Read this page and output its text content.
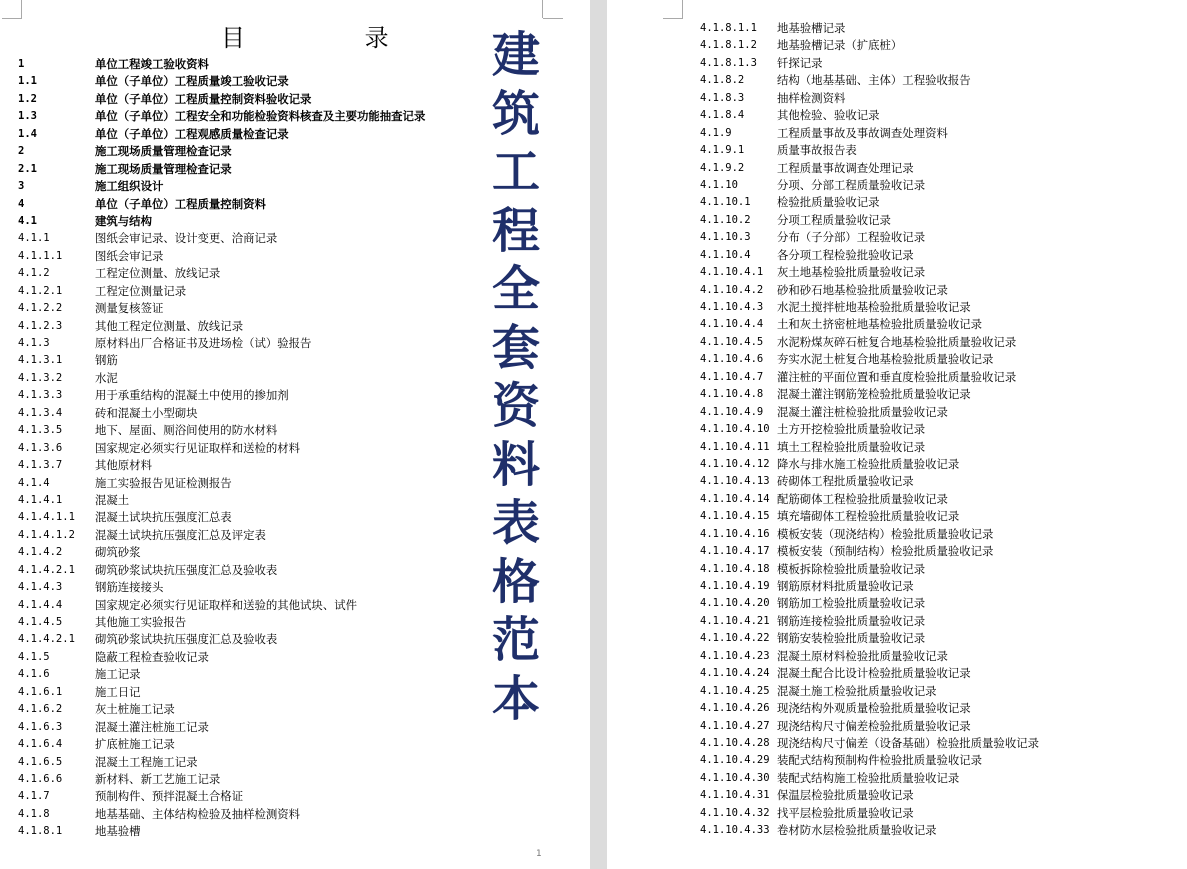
目 录
1	单位工程竣工验收资料
1.1	单位（子单位）工程质量竣工验收记录
1.2	单位（子单位）工程质量控制资料验收记录
1.3	单位（子单位）工程安全和功能检验资料核查及主要功能抽查记录
1.4	单位（子单位）工程观感质量检查记录
2	施工现场质量管理检查记录
2.1	施工现场质量管理检查记录
3	施工组织设计
4	单位（子单位）工程质量控制资料
4.1	建筑与结构
4.1.1	图纸会审记录、设计变更、洽商记录
4.1.1.1	图纸会审记录
4.1.2	工程定位测量、放线记录
4.1.2.1	工程定位测量记录
4.1.2.2	测量复核签证
4.1.2.3	其他工程定位测量、放线记录
4.1.3	原材料出厂合格证书及进场检（试）验报告
4.1.3.1	钢筋
4.1.3.2	水泥
4.1.3.3	用于承重结构的混凝土中使用的掺加剂
4.1.3.4	砖和混凝土小型砌块
4.1.3.5	地下、屋面、厕浴间使用的防水材料
4.1.3.6	国家规定必须实行见证取样和送检的材料
4.1.3.7	其他原材料
4.1.4	施工实验报告见证检测报告
4.1.4.1	混凝土
4.1.4.1.1 混凝土试块抗压强度汇总表
4.1.4.1.2 混凝土试块抗压强度汇总及评定表
4.1.4.2	砌筑砂浆
4.1.4.2.1 砌筑砂浆试块抗压强度汇总及验收表
4.1.4.3	钢筋连接接头
4.1.4.4	国家规定必须实行见证取样和送验的其他试块、试件
4.1.4.5	其他施工实验报告
4.1.4.2.1 砌筑砂浆试块抗压强度汇总及验收表
4.1.5	隐蔽工程检查验收记录
4.1.6	施工记录
4.1.6.1	施工日记
4.1.6.2	灰土桩施工记录
4.1.6.3	混凝土灌注桩施工记录
4.1.6.4	扩底桩施工记录
4.1.6.5	混凝土工程施工记录
4.1.6.6	新材料、新工艺施工记录
4.1.7	预制构件、预拌混凝土合格证
4.1.8	地基基础、主体结构检验及抽样检测资料
4.1.8.1	地基验槽
建
筑
工
程
全
套
资
料
表
格
范
本
1
4.1.8.1.1 地基验槽记录
4.1.8.1.2 地基验槽记录（扩底桩）
4.1.8.1.3 钎探记录
4.1.8.2	结构（地基基础、主体）工程验收报告
4.1.8.3	抽样检测资料
4.1.8.4	其他检验、验收记录
4.1.9	工程质量事故及事故调查处理资料
4.1.9.1	质量事故报告表
4.1.9.2	工程质量事故调查处理记录
4.1.10	分项、分部工程质量验收记录
4.1.10.1 检验批质量验收记录
4.1.10.2 分项工程质量验收记录
4.1.10.3 分布（子分部）工程验收记录
4.1.10.4 各分项工程检验批验收记录
4.1.10.4.1 灰土地基检验批质量验收记录
4.1.10.4.2 砂和砂石地基检验批质量验收记录
4.1.10.4.3 水泥土搅拌桩地基检验批质量验收记录
4.1.10.4.4 土和灰土挤密桩地基检验批质量验收记录
4.1.10.4.5 水泥粉煤灰碎石桩复合地基检验批质量验收记录
4.1.10.4.6 夯实水泥土桩复合地基检验批质量验收记录
4.1.10.4.7 灌注桩的平面位置和垂直度检验批质量验收记录
4.1.10.4.8 混凝土灌注钢筋笼检验批质量验收记录
4.1.10.4.9 混凝土灌注桩检验批质量验收记录
4.1.10.4.10 土方开挖检验批质量验收记录
4.1.10.4.11 填土工程检验批质量验收记录
4.1.10.4.12 降水与排水施工检验批质量验收记录
4.1.10.4.13 砖砌体工程批质量验收记录
4.1.10.4.14 配筋砌体工程检验批质量验收记录
4.1.10.4.15 填充墙砌体工程检验批质量验收记录
4.1.10.4.16 模板安装（现浇结构）检验批质量验收记录
4.1.10.4.17 模板安装（预制结构）检验批质量验收记录
4.1.10.4.18 模板拆除检验批质量验收记录
4.1.10.4.19 钢筋原材料批质量验收记录
4.1.10.4.20 钢筋加工检验批质量验收记录
4.1.10.4.21 钢筋连接检验批质量验收记录
4.1.10.4.22 钢筋安装检验批质量验收记录
4.1.10.4.23 混凝土原材料检验批质量验收记录
4.1.10.4.24 混凝土配合比设计检验批质量验收记录
4.1.10.4.25 混凝土施工检验批质量验收记录
4.1.10.4.26 现浇结构外观质量检验批质量验收记录
4.1.10.4.27 现浇结构尺寸偏差检验批质量验收记录
4.1.10.4.28 现浇结构尺寸偏差（设备基础）检验批质量验收记录
4.1.10.4.29 装配式结构预制构件检验批质量验收记录
4.1.10.4.30 装配式结构施工检验批质量验收记录
4.1.10.4.31 保温层检验批质量验收记录
4.1.10.4.32 找平层检验批质量验收记录
4.1.10.4.33 卷材防水层检验批质量验收记录
